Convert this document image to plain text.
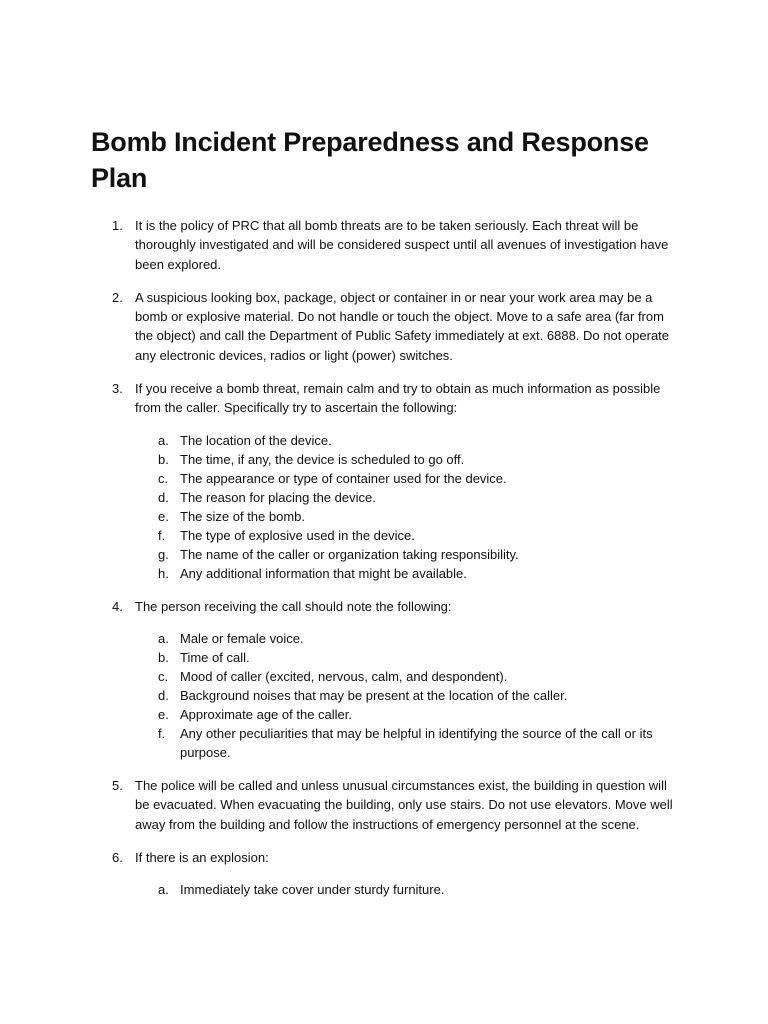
Bomb Incident Preparedness and Response Plan
1. It is the policy of PRC that all bomb threats are to be taken seriously. Each threat will be thoroughly investigated and will be considered suspect until all avenues of investigation have been explored.
2. A suspicious looking box, package, object or container in or near your work area may be a bomb or explosive material. Do not handle or touch the object. Move to a safe area (far from the object) and call the Department of Public Safety immediately at ext. 6888. Do not operate any electronic devices, radios or light (power) switches.
3. If you receive a bomb threat, remain calm and try to obtain as much information as possible from the caller. Specifically try to ascertain the following:
a. The location of the device.
b. The time, if any, the device is scheduled to go off.
c. The appearance or type of container used for the device.
d. The reason for placing the device.
e. The size of the bomb.
f. The type of explosive used in the device.
g. The name of the caller or organization taking responsibility.
h. Any additional information that might be available.
4. The person receiving the call should note the following:
a. Male or female voice.
b. Time of call.
c. Mood of caller (excited, nervous, calm, and despondent).
d. Background noises that may be present at the location of the caller.
e. Approximate age of the caller.
f. Any other peculiarities that may be helpful in identifying the source of the call or its purpose.
5. The police will be called and unless unusual circumstances exist, the building in question will be evacuated. When evacuating the building, only use stairs. Do not use elevators. Move well away from the building and follow the instructions of emergency personnel at the scene.
6. If there is an explosion:
a. Immediately take cover under sturdy furniture.
